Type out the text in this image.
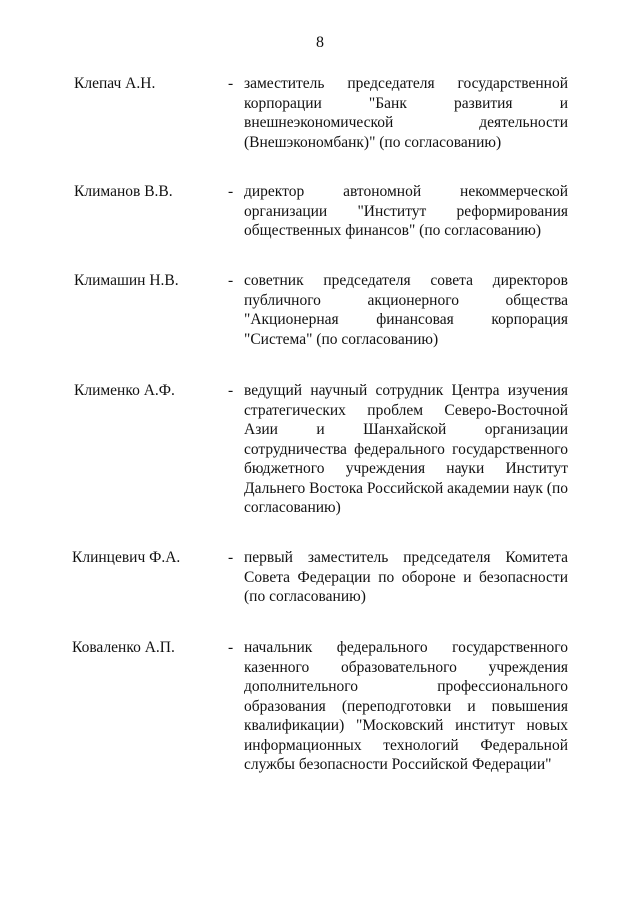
8
Клепач А.Н.	- заместитель председателя государственной корпорации "Банк развития и внешнеэкономической деятельности (Внешэкономбанк)" (по согласованию)
Климанов В.В.	- директор автономной некоммерческой организации "Институт реформирования общественных финансов" (по согласованию)
Климашин Н.В.	- советник председателя совета директоров публичного акционерного общества "Акционерная финансовая корпорация "Система" (по согласованию)
Клименко А.Ф.	- ведущий научный сотрудник Центра изучения стратегических проблем Северо-Восточной Азии и Шанхайской организации сотрудничества федерального государственного бюджетного учреждения науки Институт Дальнего Востока Российской академии наук (по согласованию)
Клинцевич Ф.А.	- первый заместитель председателя Комитета Совета Федерации по обороне и безопасности (по согласованию)
Коваленко А.П.	- начальник федерального государственного казенного образовательного учреждения дополнительного профессионального образования (переподготовки и повышения квалификации) "Московский институт новых информационных технологий Федеральной службы безопасности Российской Федерации"
